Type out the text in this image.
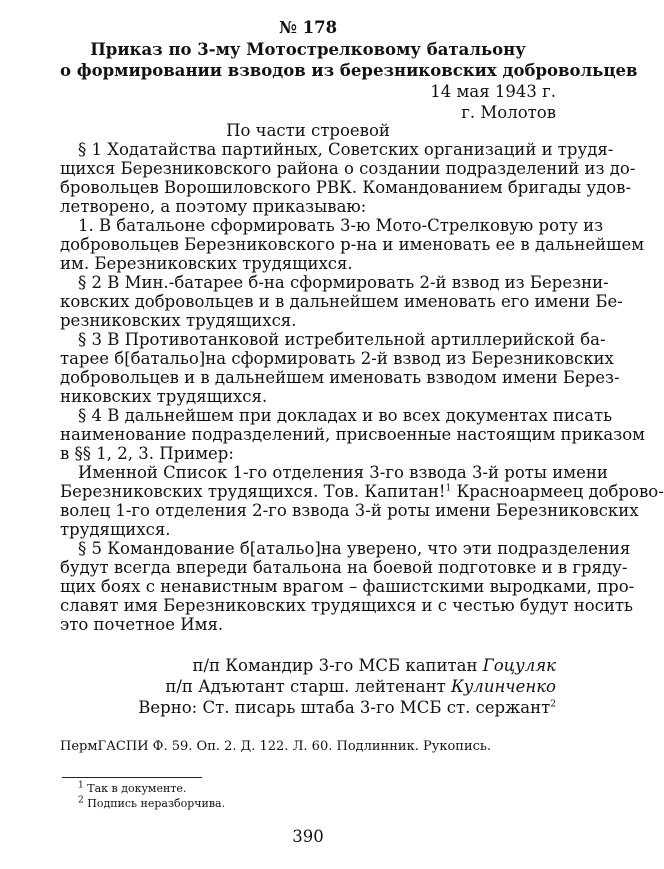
№ 178
Приказ по 3-му Мотострелковому батальону
о формировании взводов из березниковских добровольцев
14 мая 1943 г.
г. Молотов
По части строевой
§ 1 Ходатайства партийных, Советских организаций и трудя-
щихся Березниковского района о создании подразделений из до-
бровольцев Ворошиловского РВК. Командованием бригады удов-
летворено, а поэтому приказываю:
1. В батальоне сформировать 3-ю Мото-Стрелковую роту из
добровольцев Березниковского р-на и именовать ее в дальнейшем
им. Березниковских трудящихся.
§ 2 В Мин.-батарее б-на сформировать 2-й взвод из Березни-
ковских добровольцев и в дальнейшем именовать его имени Бе-
резниковских трудящихся.
§ 3 В Противотанковой истребительной артиллерийской ба-
тарее б[батальо]на сформировать 2-й взвод из Березниковских
добровольцев и в дальнейшем именовать взводом имени Берез-
никовских трудящихся.
§ 4 В дальнейшем при докладах и во всех документах писать
наименование подразделений, присвоенные настоящим приказом
в §§ 1, 2, 3. Пример:
Именной Список 1-го отделения 3-го взвода 3-й роты имени
Березниковских трудящихся. Тов. Капитан!$^1$ Красноармеец доброво-
волец 1-го отделения 2-го взвода 3-й роты имени Березниковских
трудящихся.
§ 5 Командование б[атальо]на уверено, что эти подразделения
будут всегда впереди батальона на боевой подготовке и в гряду-
щих боях с ненавистным врагом – фашистскими выродками, про-
славят имя Березниковских трудящихся и с честью будут носить
это почетное Имя.
п/п Командир 3-го МСБ капитан Гоцуляк
п/п Адъютант старш. лейтенант Кулинченко
Верно: Ст. писарь штаба 3-го МСБ ст. сержант$^2$
ПермГАСПИ Ф. 59. Оп. 2. Д. 122. Л. 60. Подлинник. Рукопись.
$^1$ Так в документе.
$^2$ Подпись неразборчива.
390
